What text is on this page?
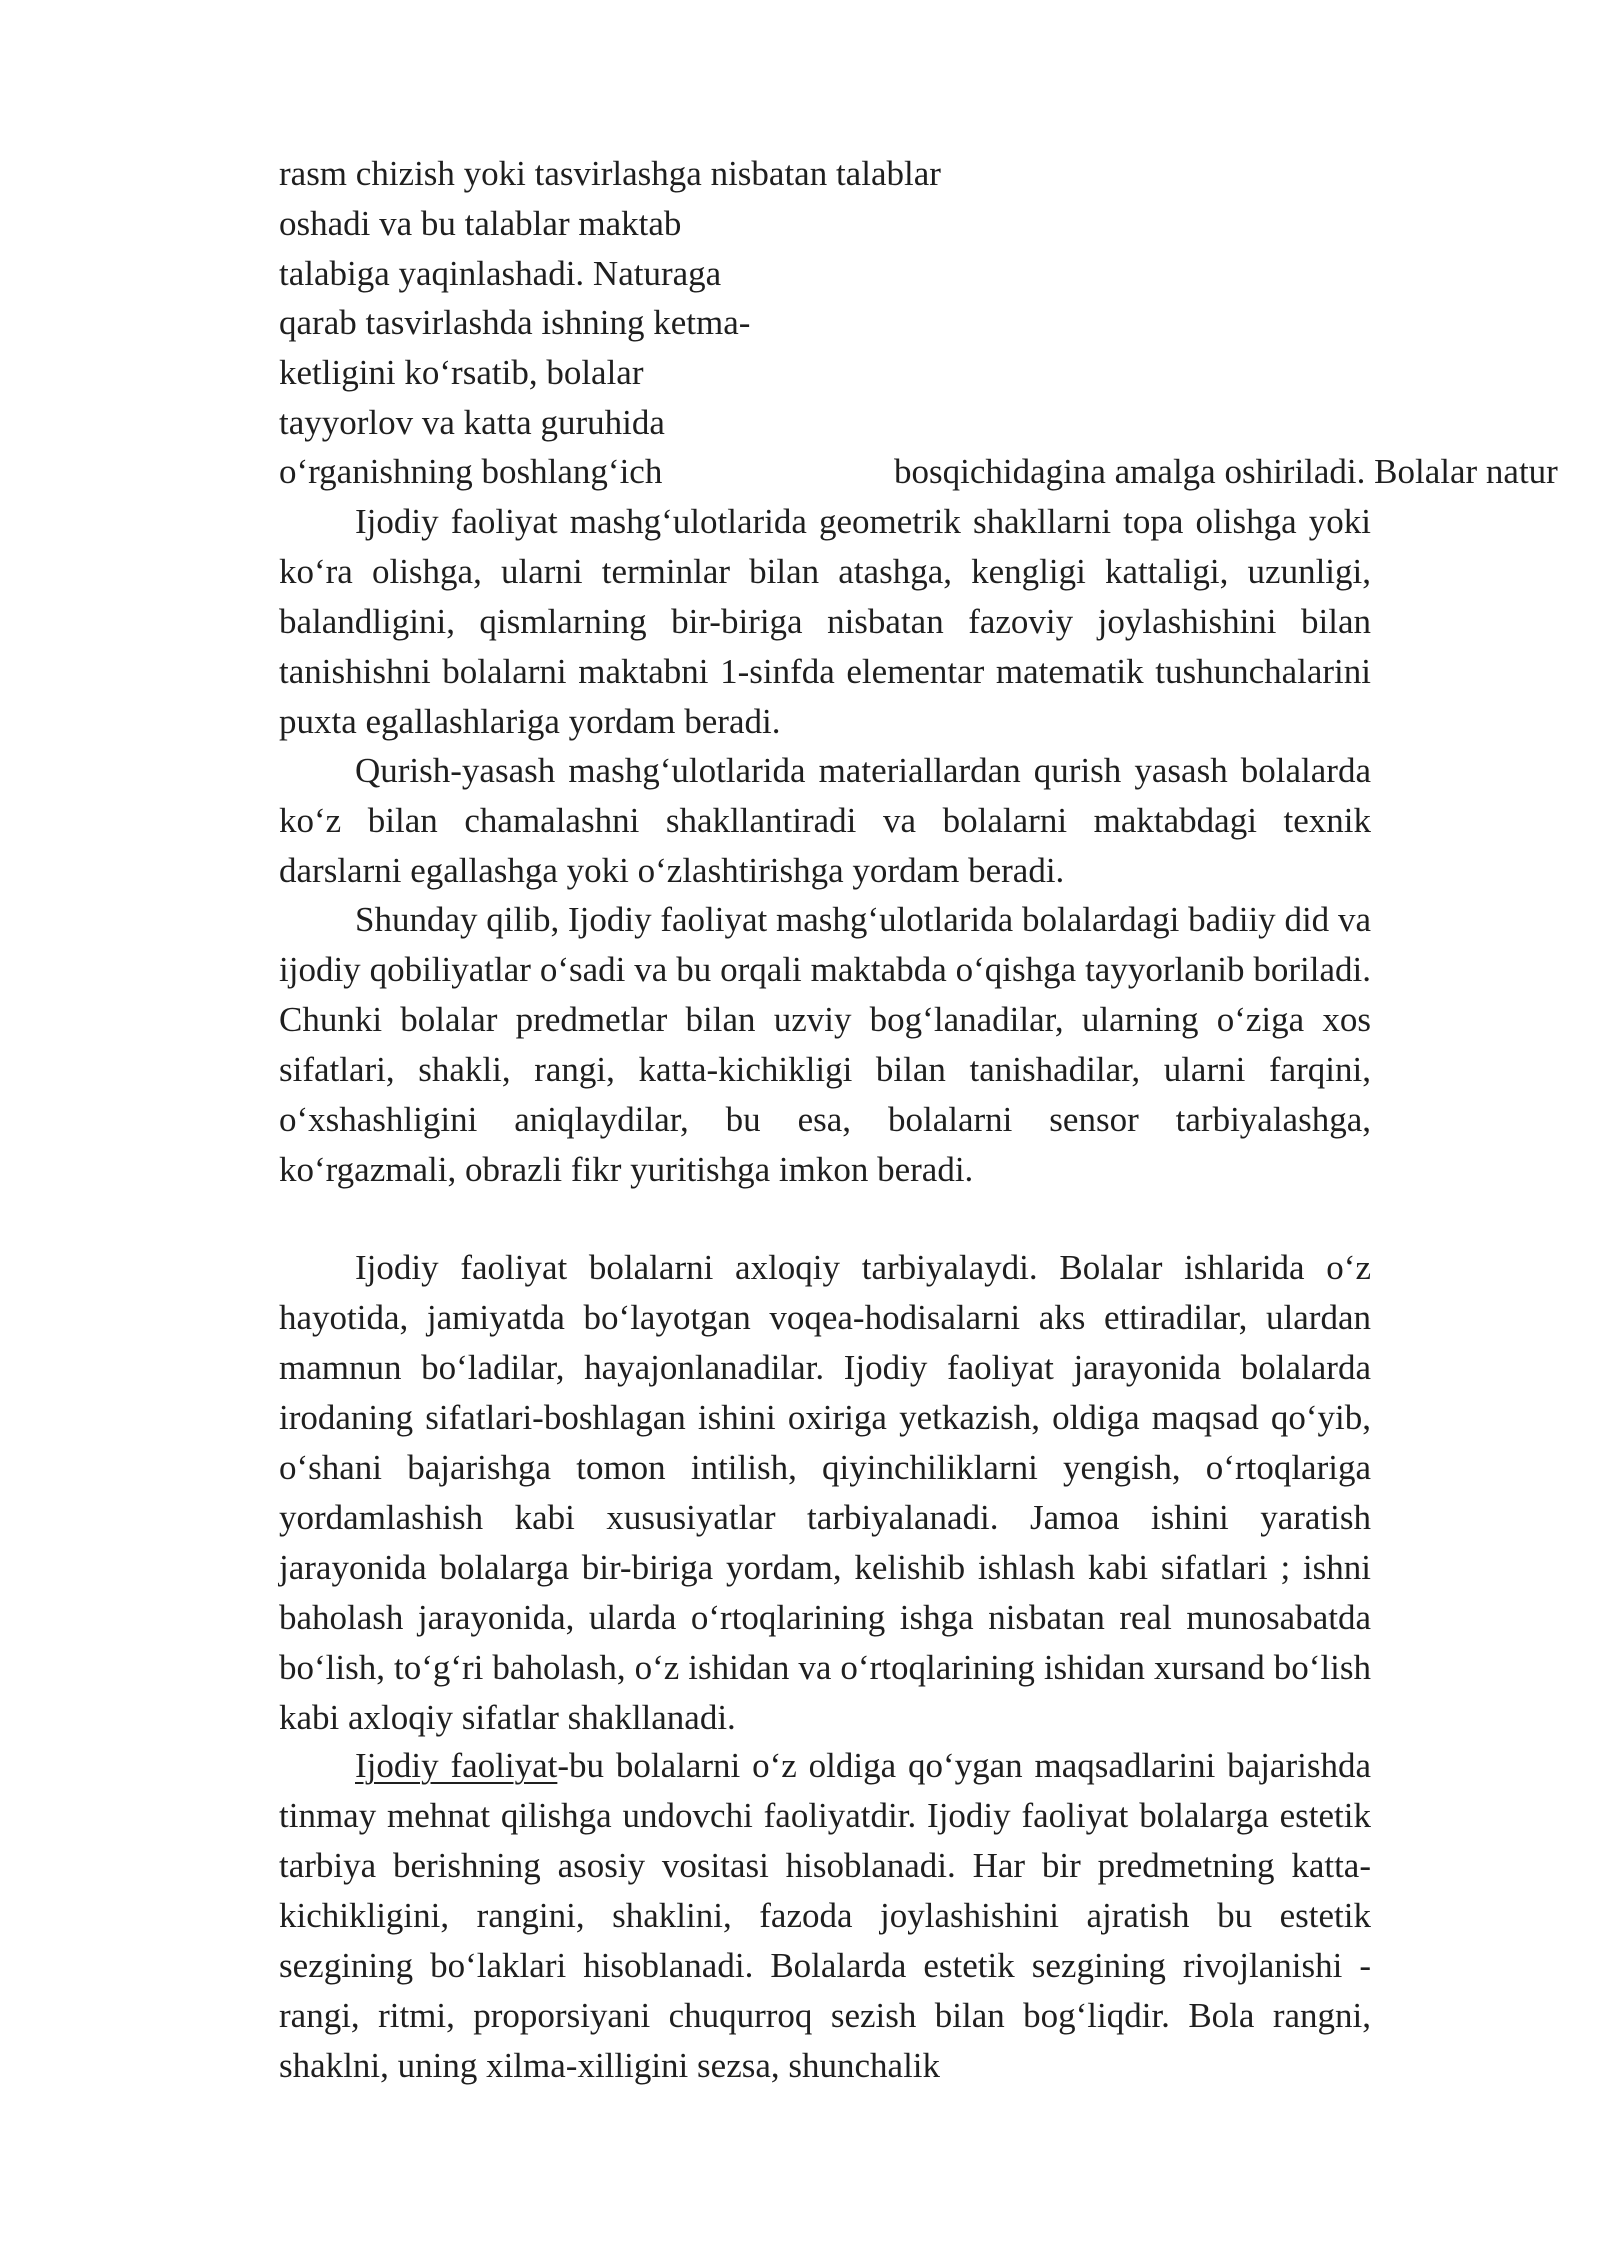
rasm chizish yoki tasvirlashga nisbatan talablar

oshadi va bu talablar maktab

talabiga yaqinlashadi. Naturaga

qarab tasvirlashda ishning ketma-

ketligini ko‘rsatib, bolalar

tayyorlov va katta guruhida

o‘rganishning boshlang‘ich	bosqichidagina amalga oshiriladi. Bolalar natur

Ijodiy faoliyat mashg‘ulotlarida geometrik shakllarni topa olishga yoki ko‘ra olishga, ularni terminlar bilan atashga, kengligi kattaligi, uzunligi, balandligini, qismlarning bir-biriga nisbatan fazoviy joylashishini bilan tanishishni bolalarni maktabni 1-sinfda elementar matematik tushunchalarini puxta egallashlariga yordam beradi.

Qurish-yasash mashg‘ulotlarida materiallardan qurish yasash bolalarda ko‘z bilan chamalashni shakllantiradi va bolalarni maktabdagi texnik darslarni egallashga yoki o‘zlashtirishga yordam beradi.

Shunday qilib, Ijodiy faoliyat mashg‘ulotlarida bolalardagi badiiy did va ijodiy qobiliyatlar o‘sadi va bu orqali maktabda o‘qishga tayyorlanib boriladi. Chunki bolalar predmetlar bilan uzviy bog‘lanadilar, ularning o‘ziga xos sifatlari, shakli, rangi, katta-kichikligi bilan tanishadilar, ularni farqini, o‘xshashligini aniqlaydilar, bu esa, bolalarni sensor tarbiyalashga, ko‘rgazmali, obrazli fikr yuritishga imkon beradi.

Ijodiy faoliyat bolalarni axloqiy tarbiyalaydi. Bolalar ishlarida o‘z hayotida, jamiyatda bo‘layotgan voqea-hodisalarni aks ettiradilar, ulardan mamnun bo‘ladilar, hayajonlanadilar. Ijodiy faoliyat jarayonida bolalarda irodaning sifatlari-boshlagan ishini oxiriga yetkazish, oldiga maqsad qo‘yib, o‘shani bajarishga tomon intilish, qiyinchiliklarni yengish, o‘rtoqlariga yordamlashish kabi xususiyatlar tarbiyalanadi. Jamoa ishini yaratish jarayonida bolalarga bir-biriga yordam, kelishib ishlash kabi sifatlari ; ishni baholash jarayonida, ularda o‘rtoqlarining ishga nisbatan real munosabatda bo‘lish, to‘g‘ri baholash, o‘z ishidan va o‘rtoqlarining ishidan xursand bo‘lish kabi axloqiy sifatlar shakllanadi.

Ijodiy faoliyat-bu bolalarni o‘z oldiga qo‘ygan maqsadlarini bajarishda tinmay mehnat qilishga undovchi faoliyatdir. Ijodiy faoliyat bolalarga estetik tarbiya berishning asosiy vositasi hisoblanadi. Har bir predmetning katta-kichikligini, rangini, shaklini, fazoda joylashishini ajratish bu estetik sezgining bo‘laklari hisoblanadi. Bolalarda estetik sezgining rivojlanishi - rangi, ritmi, proporsiyani chuqurroq sezish bilan bog‘liqdir. Bola rangni, shaklni, uning xilma-xilligini sezsa, shunchalik
